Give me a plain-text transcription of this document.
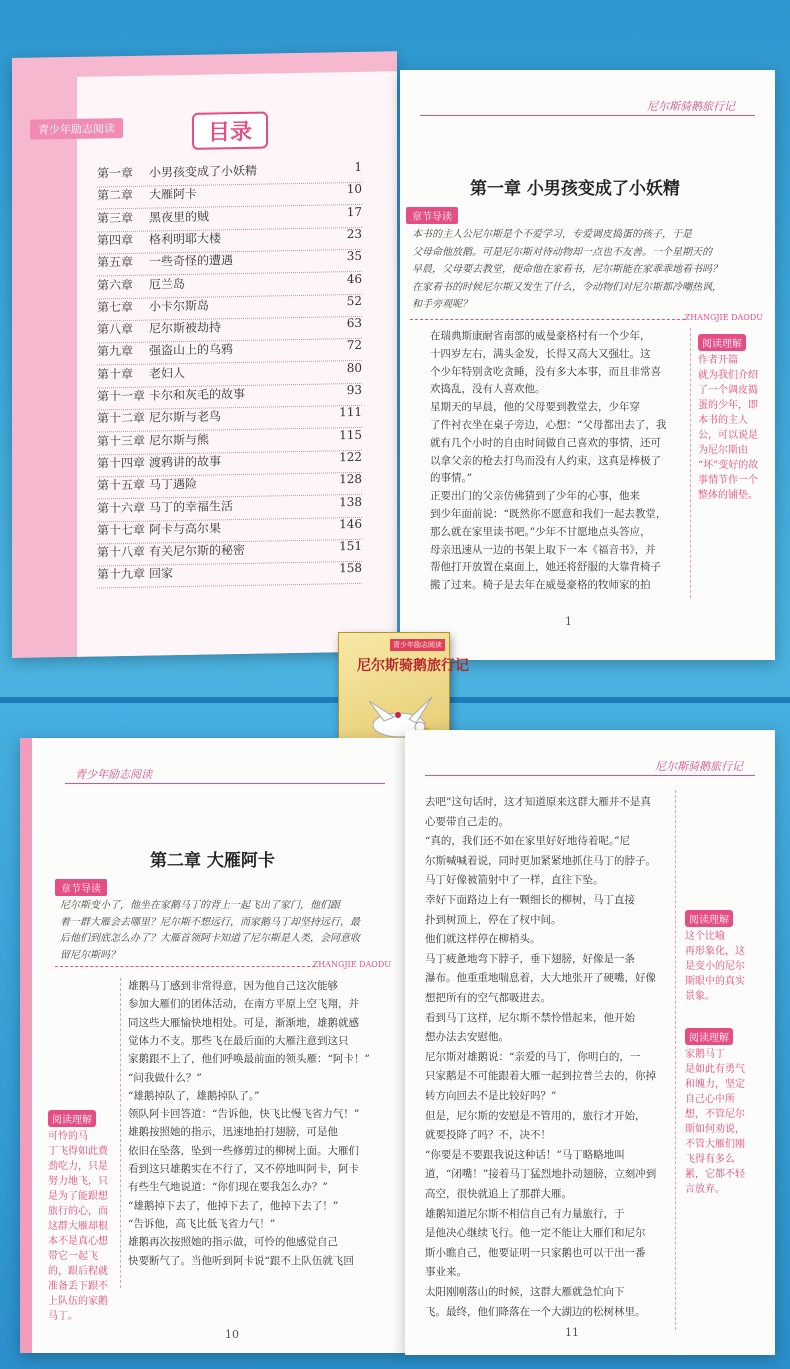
青少年励志阅读	目录
第一章	小男孩变成了小妖精	1
第二章	大雁阿卡	10
第三章	黑夜里的贼	17
第四章	格利明耶大楼	23
第五章	一些奇怪的遭遇	35
第六章	厄兰岛	46
第七章	小卡尔斯岛	52
第八章	尼尔斯被劫持	63
第九章	强盗山上的乌鸦	72
第十章	老妇人	80
第十一章 卡尔和灰毛的故事	93
第十二章 尼尔斯与老鸟	111
第十三章 尼尔斯与熊	115
第十四章 渡鸦讲的故事	122
第十五章 马丁遇险	128
第十六章 马丁的幸福生活	138
第十七章 阿卡与高尔果	146
第十八章 有关尼尔斯的秘密	151
第十九章 回家	158
尼尔斯骑鹅旅行记
第一章 小男孩变成了小妖精
章节导读
本书的主人公尼尔斯是个不爱学习，专爱调皮捣蛋的孩子，于是
父母命他放鹅。可是尼尔斯对待动物却一点也不友善。一个星期天的
早晨，父母要去教堂，便命他在家看书，尼尔斯能在家乖乖地看书吗？
在家看书的时候尼尔斯又发生了什么，令动物们对尼尔斯都冷嘲热讽，
和手旁观呢？
ZHANGJIE DAODU
在瑞典斯康耐省南部的威曼豪格村有一个少年，
十四岁左右，满头金发，长得又高大又强壮。这
个少年特别贪吃贪睡，没有多大本事，而且非常喜
欢捣乱，没有人喜欢他。
星期天的早晨，他的父母要到教堂去，少年穿
了件衬衣坐在桌子旁边，心想：“父母都出去了，我
就有几个小时的自由时间做自己喜欢的事情，还可
以拿父亲的枪去打鸟而没有人约束，这真是棒极了
的事情。”
正要出门的父亲仿佛猜到了少年的心事，他来
到少年面前说：“既然你不愿意和我们一起去教堂，
那么就在家里读书吧。”少年不甘愿地点头答应，
母亲迅速从一边的书架上取下一本《福音书》，并
帮他打开放置在桌面上，她还将舒服的大靠背椅子
搬了过来。椅子是去年在威曼豪格的牧师家的拍
阅读理解
作者开篇
就为我们介绍
了一个调皮捣
蛋的少年，即
本书的主人
公，可以说是
为尼尔斯由
“坏”变好的故
事情节作一个
整体的铺垫。
1
青少年励志阅读
尼尔斯骑鹅旅行记
青少年励志阅读
第二章 大雁阿卡
章节导读
尼尔斯变小了，他坐在家鹅马丁的背上一起飞出了家门，他们跟
着一群大雁会去哪里？尼尔斯不想远行，而家鹅马丁却坚持远行，最
后他们到底怎么办了？大雁首领阿卡知道了尼尔斯是人类，会同意收
留尼尔斯吗？
ZHANGJIE DAODU
阅读理解
可怜的马
丁飞得如此费
劲吃力，只是
努力地飞，只
是为了能跟想
旅行的心，而
这群大雁却根
本不是真心想
带它一起飞
的，跟后程就
准备丢下跟不
上队伍的家鹅
马丁。
雄鹅马丁感到非常得意，因为他自己这次能够
参加大雁们的团体活动，在南方平原上空飞翔，并
同这些大雁愉快地相处。可是，渐渐地，雄鹅就感
觉体力不支。那些飞在最后面的大雁注意到这只
家鹅跟不上了，他们呼唤最前面的领头雁：“阿卡！”
“问我做什么？”
“雄鹅掉队了，雄鹅掉队了。”
领队阿卡回答道：“告诉他，快飞比慢飞省力气！”
雄鹅按照她的指示，迅速地拍打翅膀，可是他
依旧在坠落，坠到一些修剪过的柳树上面。大雁们
看到这只雄鹅实在不行了，又不停地叫阿卡，阿卡
有些生气地说道：“你们现在要我怎么办？”
“雄鹅掉下去了，他掉下去了，他掉下去了！”
“告诉他，高飞比低飞省力气！”
雄鹅再次按照她的指示做，可怜的他感觉自己
快要断气了。当他听到阿卡说“跟不上队伍就飞回
10
尼尔斯骑鹅旅行记
去吧”这句话时，这才知道原来这群大雁并不是真
心要带自己走的。
“真的，我们还不如在家里好好地待着呢。”尼
尔斯喊喊着说，同时更加紧紧地抓住马丁的脖子。
马丁好像被箭射中了一样，直往下坠。
幸好下面路边上有一颗细长的柳树，马丁直接
扑到树顶上，停在了杈中间。
他们就这样停在柳梢头。
马丁疲惫地弯下脖子，垂下翅膀，好像是一条
瀑布。他重重地喘息着，大大地张开了硬嘴，好像
想把所有的空气都吸进去。
看到马丁这样，尼尔斯不禁怜惜起来，他开始
想办法去安慰他。
尼尔斯对雄鹅说：“亲爱的马丁，你明白的，一
只家鹅是不可能跟着大雁一起到拉普兰去的，你掉
转方向回去不是比较好吗？”
但是，尼尔斯的安慰是不管用的，旅行才开始，
就要投降了吗？不，决不！
“你要是不要跟我说这种话！”马丁略略地叫
道，“闭嘴！”接着马丁猛烈地扑动翅膀，立刻冲到
高空，很快就追上了那群大雁。
雄鹅知道尼尔斯不相信自己有力量旅行，于
是他决心继续飞行。他一定不能让大雁们和尼尔
斯小瞧自己，他要证明一只家鹅也可以干出一番
事业来。
太阳刚刚落山的时候，这群大雁就急忙向下
飞。最终，他们降落在一个大湖边的松树林里。
阅读理解
这个比喻
再形象化，这
是变小的尼尔
斯眼中的真实
景象。
阅读理解
家鹅马丁
是如此有勇气
和魄力，坚定
自己心中所
想，不管尼尔
斯如何劝说，
不管大雁们刚
飞得有多么
累，它都不轻
言放弃。
11
